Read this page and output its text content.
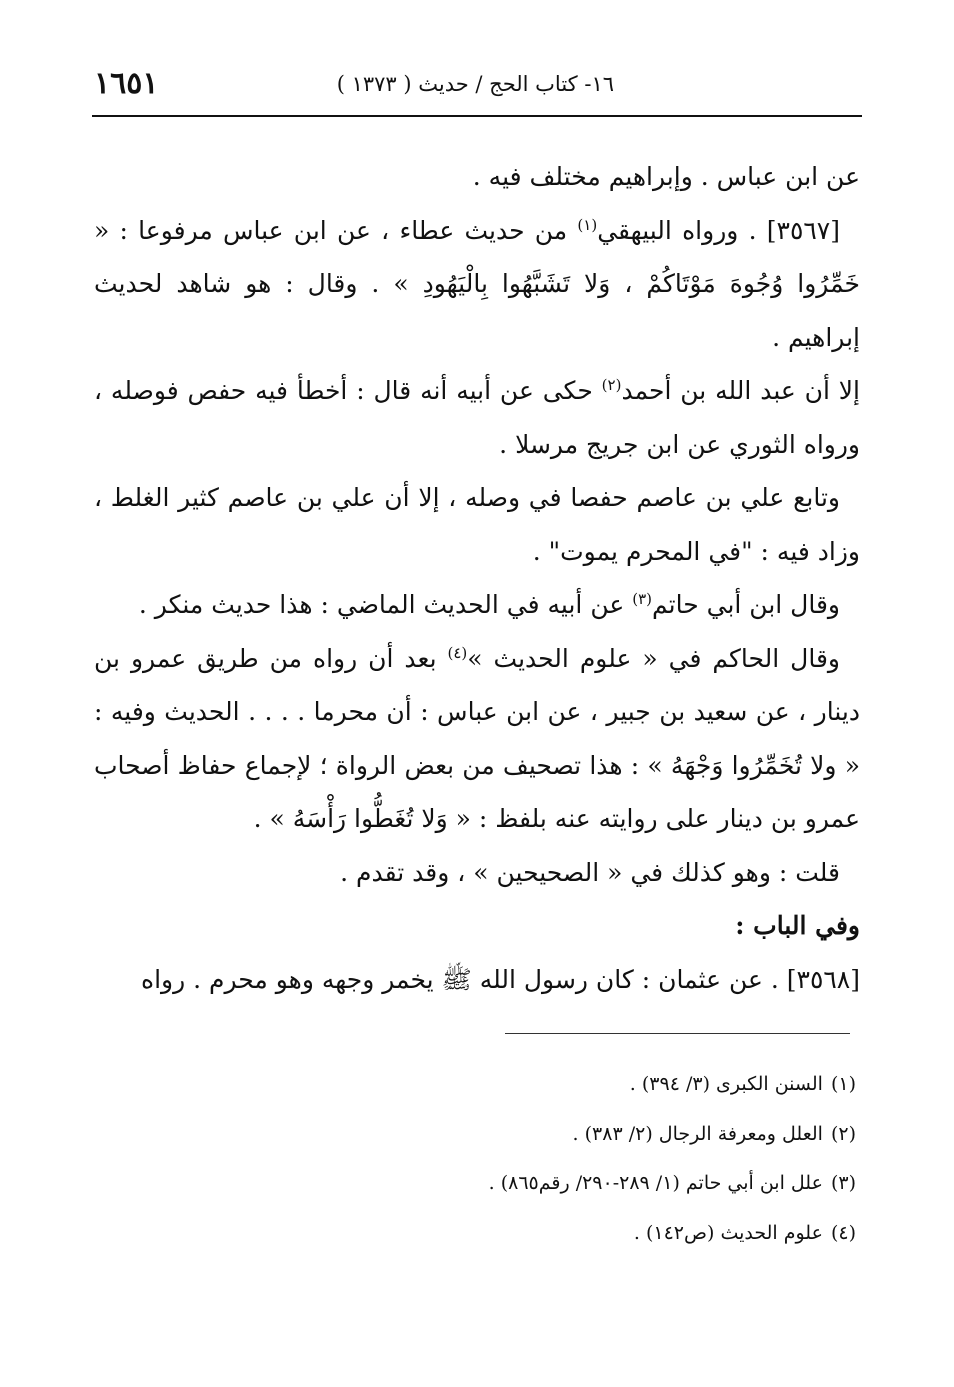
١٦- كتاب الحج / حديث ( ١٣٧٣ )
١٦٥١

عن ابن عباس . وإبراهيم مختلف فيه .

[٣٥٦٧] . ورواه البيهقي$^{(١)}$ من حديث عطاء ، عن ابن عباس مرفوعا : « خَمِّرُوا وُجُوهَ مَوْتَاكُمْ ، وَلا تَشَبَّهُوا بِالْيَهُودِ » . وقال : هو شاهد لحديث إبراهيم .

إلا أن عبد الله بن أحمد$^{(٢)}$ حكى عن أبيه أنه قال : أخطأ فيه حفص فوصله ، ورواه الثوري عن ابن جريج مرسلا .

وتابع علي بن عاصم حفصا في وصله ، إلا أن علي بن عاصم كثير الغلط ، وزاد فيه : "في المحرم يموت" .

وقال ابن أبي حاتم$^{(٣)}$ عن أبيه في الحديث الماضي : هذا حديث منكر .

وقال الحاكم في « علوم الحديث »$^{(٤)}$ بعد أن رواه من طريق عمرو بن دينار ، عن سعيد بن جبير ، عن ابن عباس : أن محرما . . . . الحديث وفيه : « ولا تُخَمِّرُوا وَجْهَهُ » : هذا تصحيف من بعض الرواة ؛ لإجماع حفاظ أصحاب عمرو بن دينار على روايته عنه بلفظ : « وَلا تُغَطُّوا رَأْسَهُ » .

قلت : وهو كذلك في « الصحيحين » ، وقد تقدم .

وفي الباب :

[٣٥٦٨] . عن عثمان : كان رسول الله ﷺ يخمر وجهه وهو محرم . رواه

(١)السنن الكبرى (٣/ ٣٩٤) .

(٢)العلل ومعرفة الرجال (٢/ ٣٨٣) .

(٣)علل ابن أبي حاتم (١/ ٢٨٩-٢٩٠/ رقم٨٦٥) .

(٤)علوم الحديث (ص١٤٢) .
